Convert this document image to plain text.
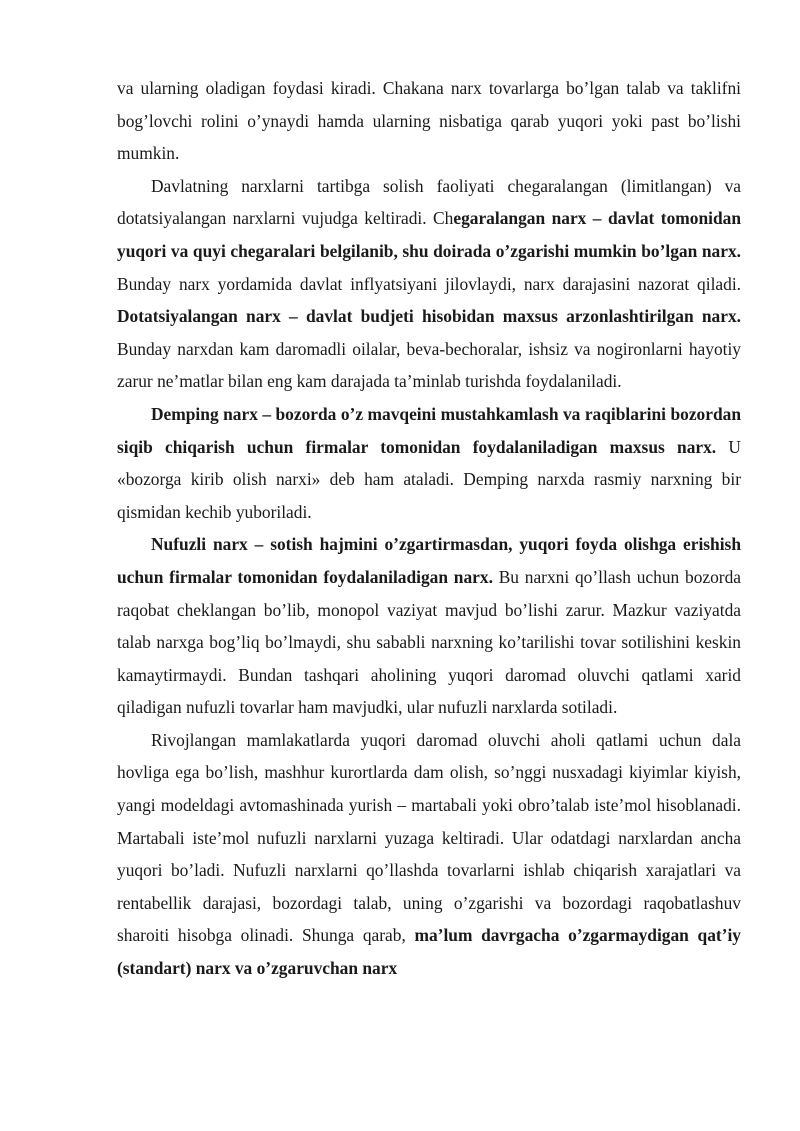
va ularning oladigan foydasi kiradi. Chakana narx tovarlarga bo’lgan talab va taklifni bog’lovchi rolini o’ynaydi hamda ularning nisbatiga qarab yuqori yoki past bo’lishi mumkin.

Davlatning narxlarni tartibga solish faoliyati chegaralangan (limitlangan) va dotatsiyalangan narxlarni vujudga keltiradi. Chegaralangan narx – davlat tomonidan yuqori va quyi chegaralari belgilanib, shu doirada o’zgarishi mumkin bo’lgan narx. Bunday narx yordamida davlat inflyatsiyani jilovlaydi, narx darajasini nazorat qiladi. Dotatsiyalangan narx – davlat budjeti hisobidan maxsus arzonlashtirilgan narx. Bunday narxdan kam daromadli oilalar, beva-bechoralar, ishsiz va nogironlarni hayotiy zarur ne’matlar bilan eng kam darajada ta’minlab turishda foydalaniladi.

Demping narx – bozorda o’z mavqeini mustahkamlash va raqiblarini bozordan siqib chiqarish uchun firmalar tomonidan foydalaniladigan maxsus narx. U «bozorga kirib olish narxi» deb ham ataladi. Demping narxda rasmiy narxning bir qismidan kechib yuboriladi.

Nufuzli narx – sotish hajmini o’zgartirmasdan, yuqori foyda olishga erishish uchun firmalar tomonidan foydalaniladigan narx. Bu narxni qo’llash uchun bozorda raqobat cheklangan bo’lib, monopol vaziyat mavjud bo’lishi zarur. Mazkur vaziyatda talab narxga bog’liq bo’lmaydi, shu sababli narxning ko’tarilishi tovar sotilishini keskin kamaytirmaydi. Bundan tashqari aholining yuqori daromad oluvchi qatlami xarid qiladigan nufuzli tovarlar ham mavjudki, ular nufuzli narxlarda sotiladi.

Rivojlangan mamlakatlarda yuqori daromad oluvchi aholi qatlami uchun dala hovliga ega bo’lish, mashhur kurortlarda dam olish, so’nggi nusxadagi kiyimlar kiyish, yangi modeldagi avtomashinada yurish – martabali yoki obro’talab iste’mol hisoblanadi. Martabali iste’mol nufuzli narxlarni yuzaga keltiradi. Ular odatdagi narxlardan ancha yuqori bo’ladi. Nufuzli narxlarni qo’llashda tovarlarni ishlab chiqarish xarajatlari va rentabellik darajasi, bozordagi talab, uning o’zgarishi va bozordagi raqobatlashuv sharoiti hisobga olinadi. Shunga qarab, ma’lum davrgacha o’zgarmaydigan qat’iy (standart) narx va o’zgaruvchan narx
